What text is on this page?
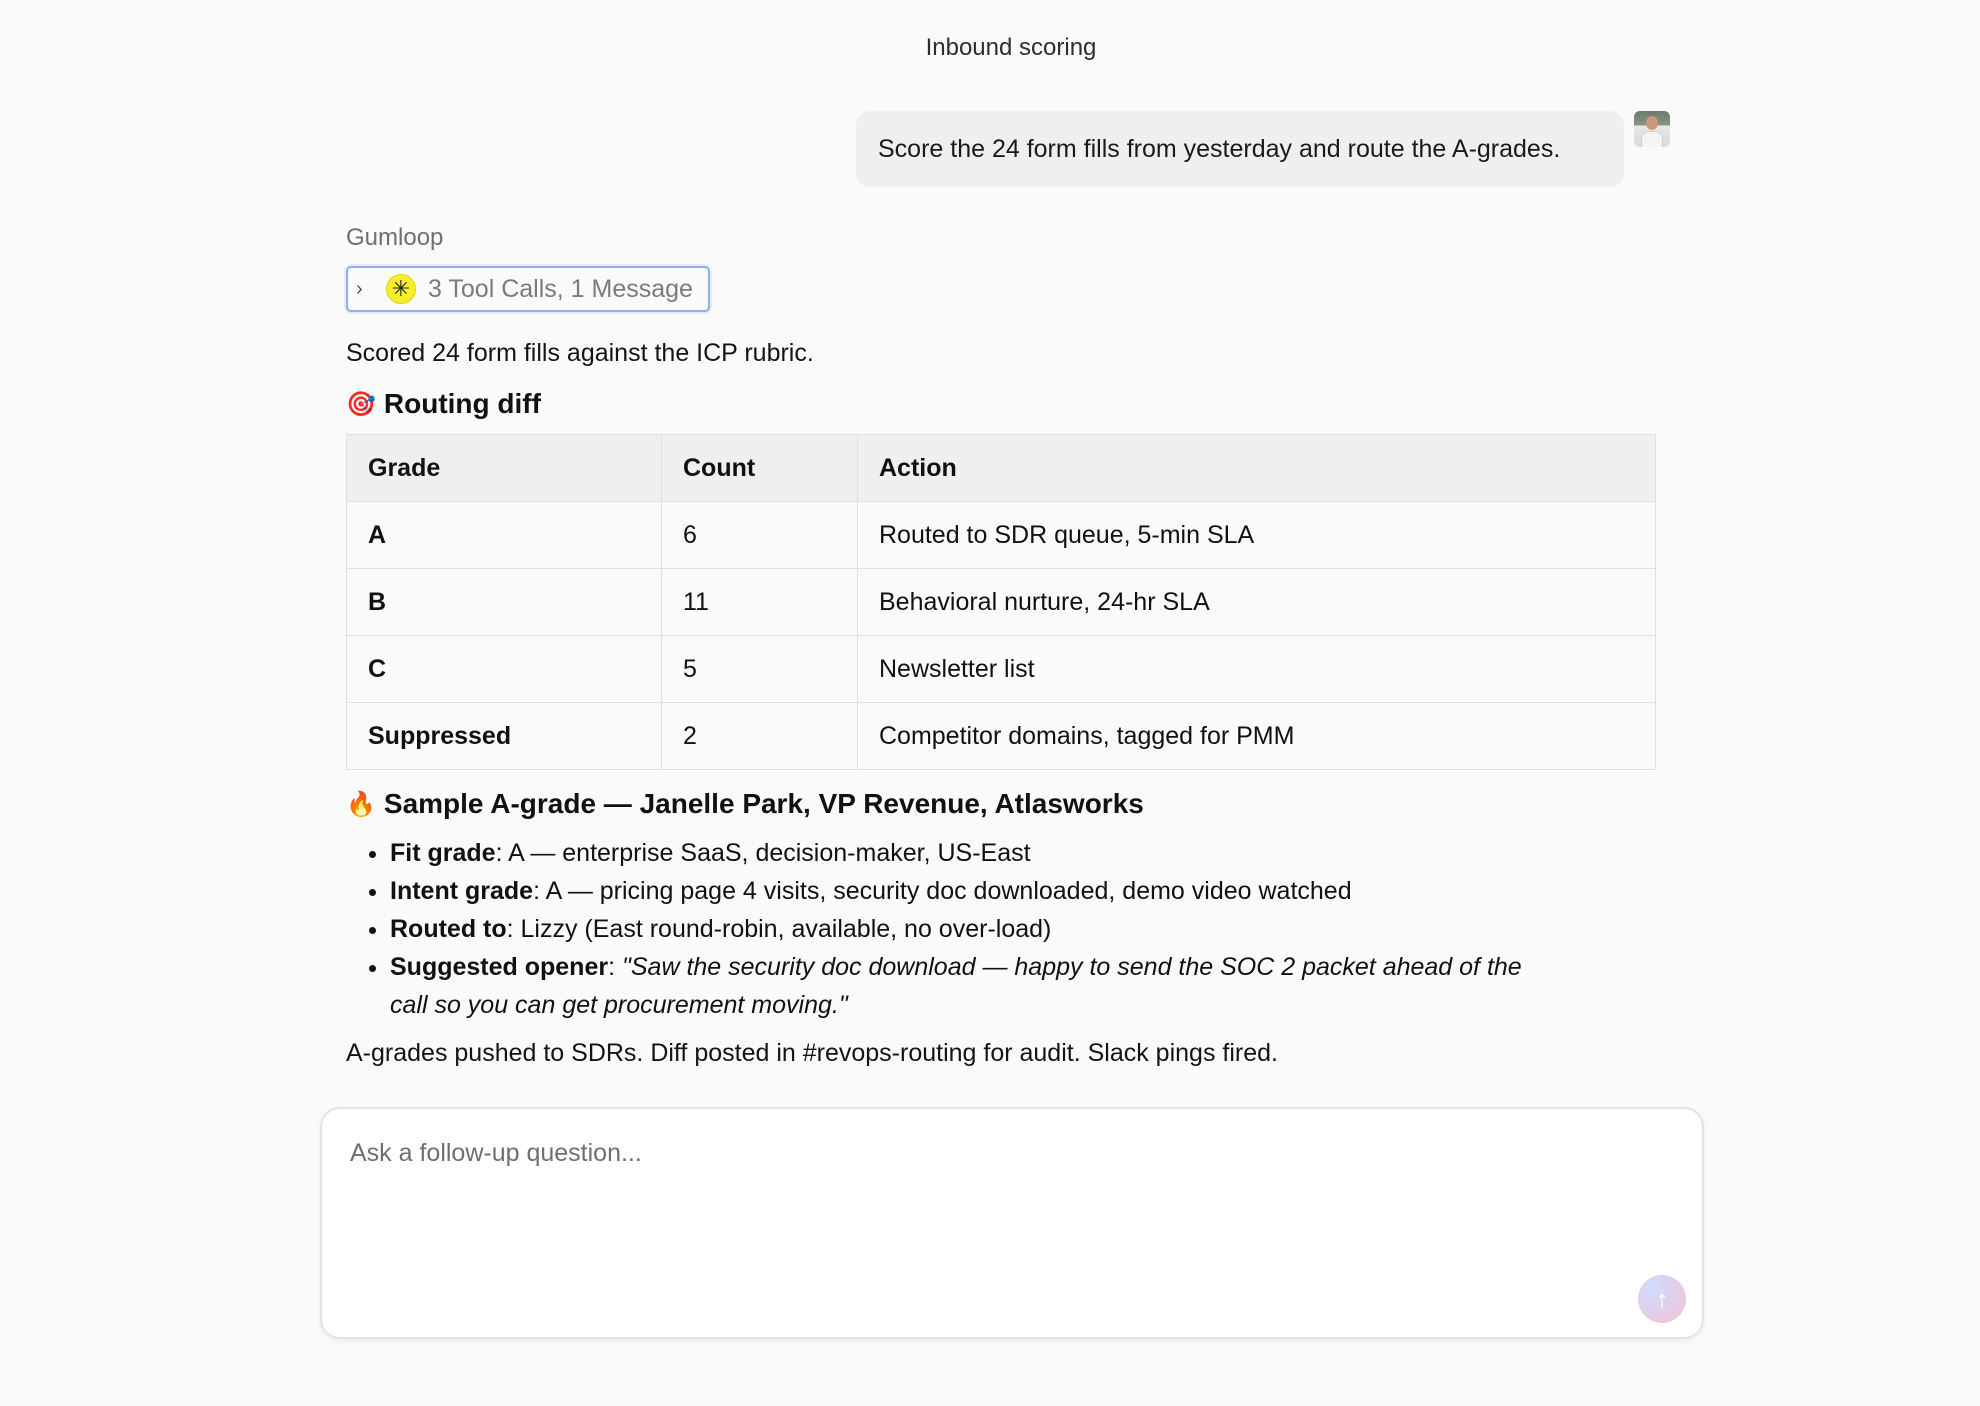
Inbound scoring
Score the 24 form fills from yesterday and route the A-grades.
Gumloop
›	✳ 3 Tool Calls, 1 Message
Scored 24 form fills against the ICP rubric.
🎯 Routing diff
Grade	Count	Action
A	6	Routed to SDR queue, 5-min SLA
B	11	Behavioral nurture, 24-hr SLA
C	5	Newsletter list
Suppressed	2	Competitor domains, tagged for PMM
🔥 Sample A-grade — Janelle Park, VP Revenue, Atlasworks
• Fit grade: A — enterprise SaaS, decision-maker, US-East
• Intent grade: A — pricing page 4 visits, security doc downloaded, demo video watched
• Routed to: Lizzy (East round-robin, available, no over-load)
• Suggested opener: "Saw the security doc download — happy to send the SOC 2 packet ahead of the call so you can get procurement moving."
A-grades pushed to SDRs. Diff posted in #revops-routing for audit. Slack pings fired.
Ask a follow-up question...
↑
